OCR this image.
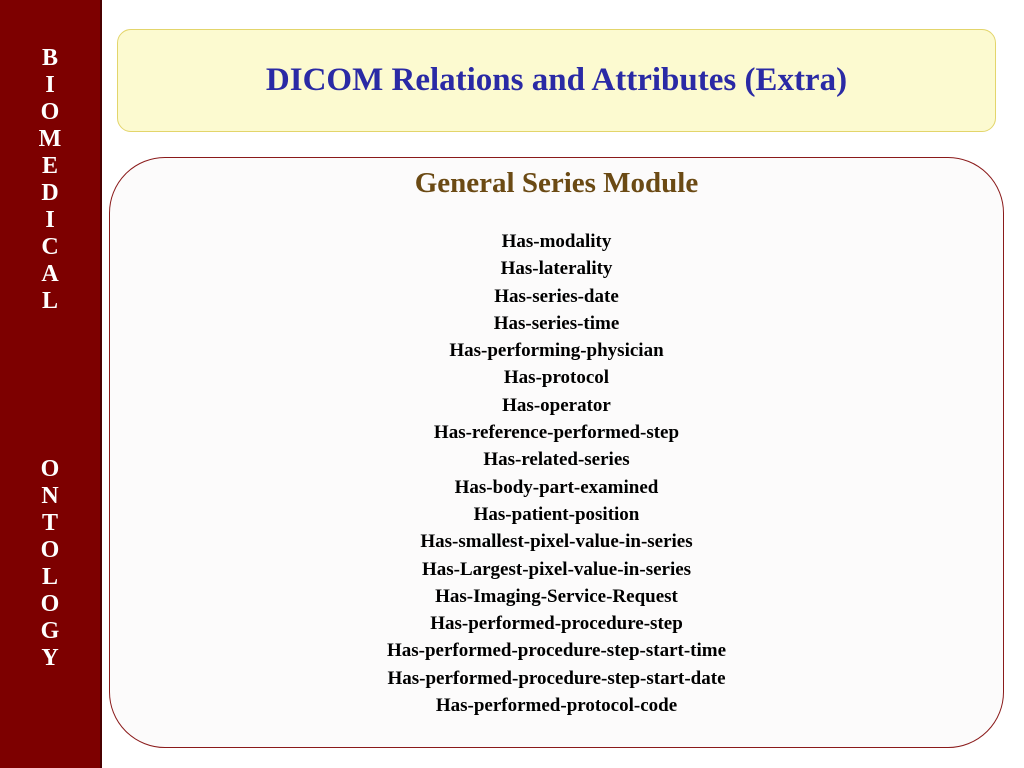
B
I
O
M
E
D
I
C
A
L
O
N
T
O
L
O
G
Y
DICOM Relations and Attributes (Extra)
General Series Module
Has-modality
Has-laterality
Has-series-date
Has-series-time
Has-performing-physician
Has-protocol
Has-operator
Has-reference-performed-step
Has-related-series
Has-body-part-examined
Has-patient-position
Has-smallest-pixel-value-in-series
Has-Largest-pixel-value-in-series
Has-Imaging-Service-Request
Has-performed-procedure-step
Has-performed-procedure-step-start-time
Has-performed-procedure-step-start-date
Has-performed-protocol-code
